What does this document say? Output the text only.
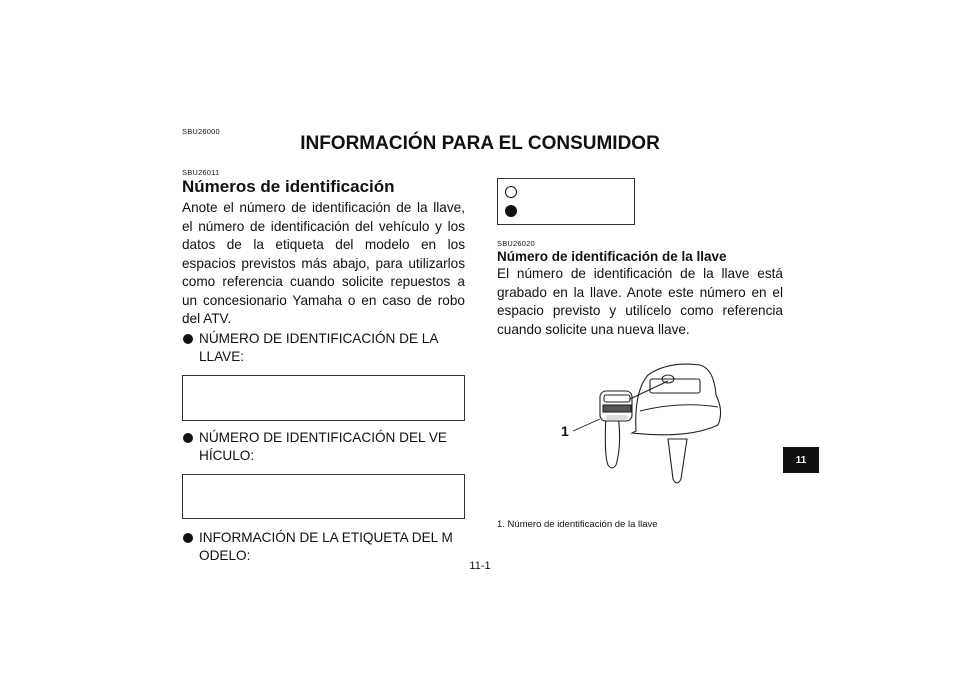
SBU26000
INFORMACIÓN PARA EL CONSUMIDOR
SBU26011
Números de identificación
Anote el número de identificación de la llave, el número de identificación del vehículo y los datos de la etiqueta del modelo en los espacios previstos más abajo, para utilizarlos como referencia cuando solicite repuestos a un concesionario Yamaha o en caso de robo del ATV.
NÚMERO DE IDENTIFICACIÓN DE LA LLAVE:
NÚMERO DE IDENTIFICACIÓN DEL VEHÍCULO:
INFORMACIÓN DE LA ETIQUETA DEL MODELO:
SBU26020
Número de identificación de la llave
El número de identificación de la llave está grabado en la llave. Anote este número en el espacio previsto y utilícelo como referencia cuando solicite una nueva llave.
1
1. Número de identificación de la llave
11
11-1
